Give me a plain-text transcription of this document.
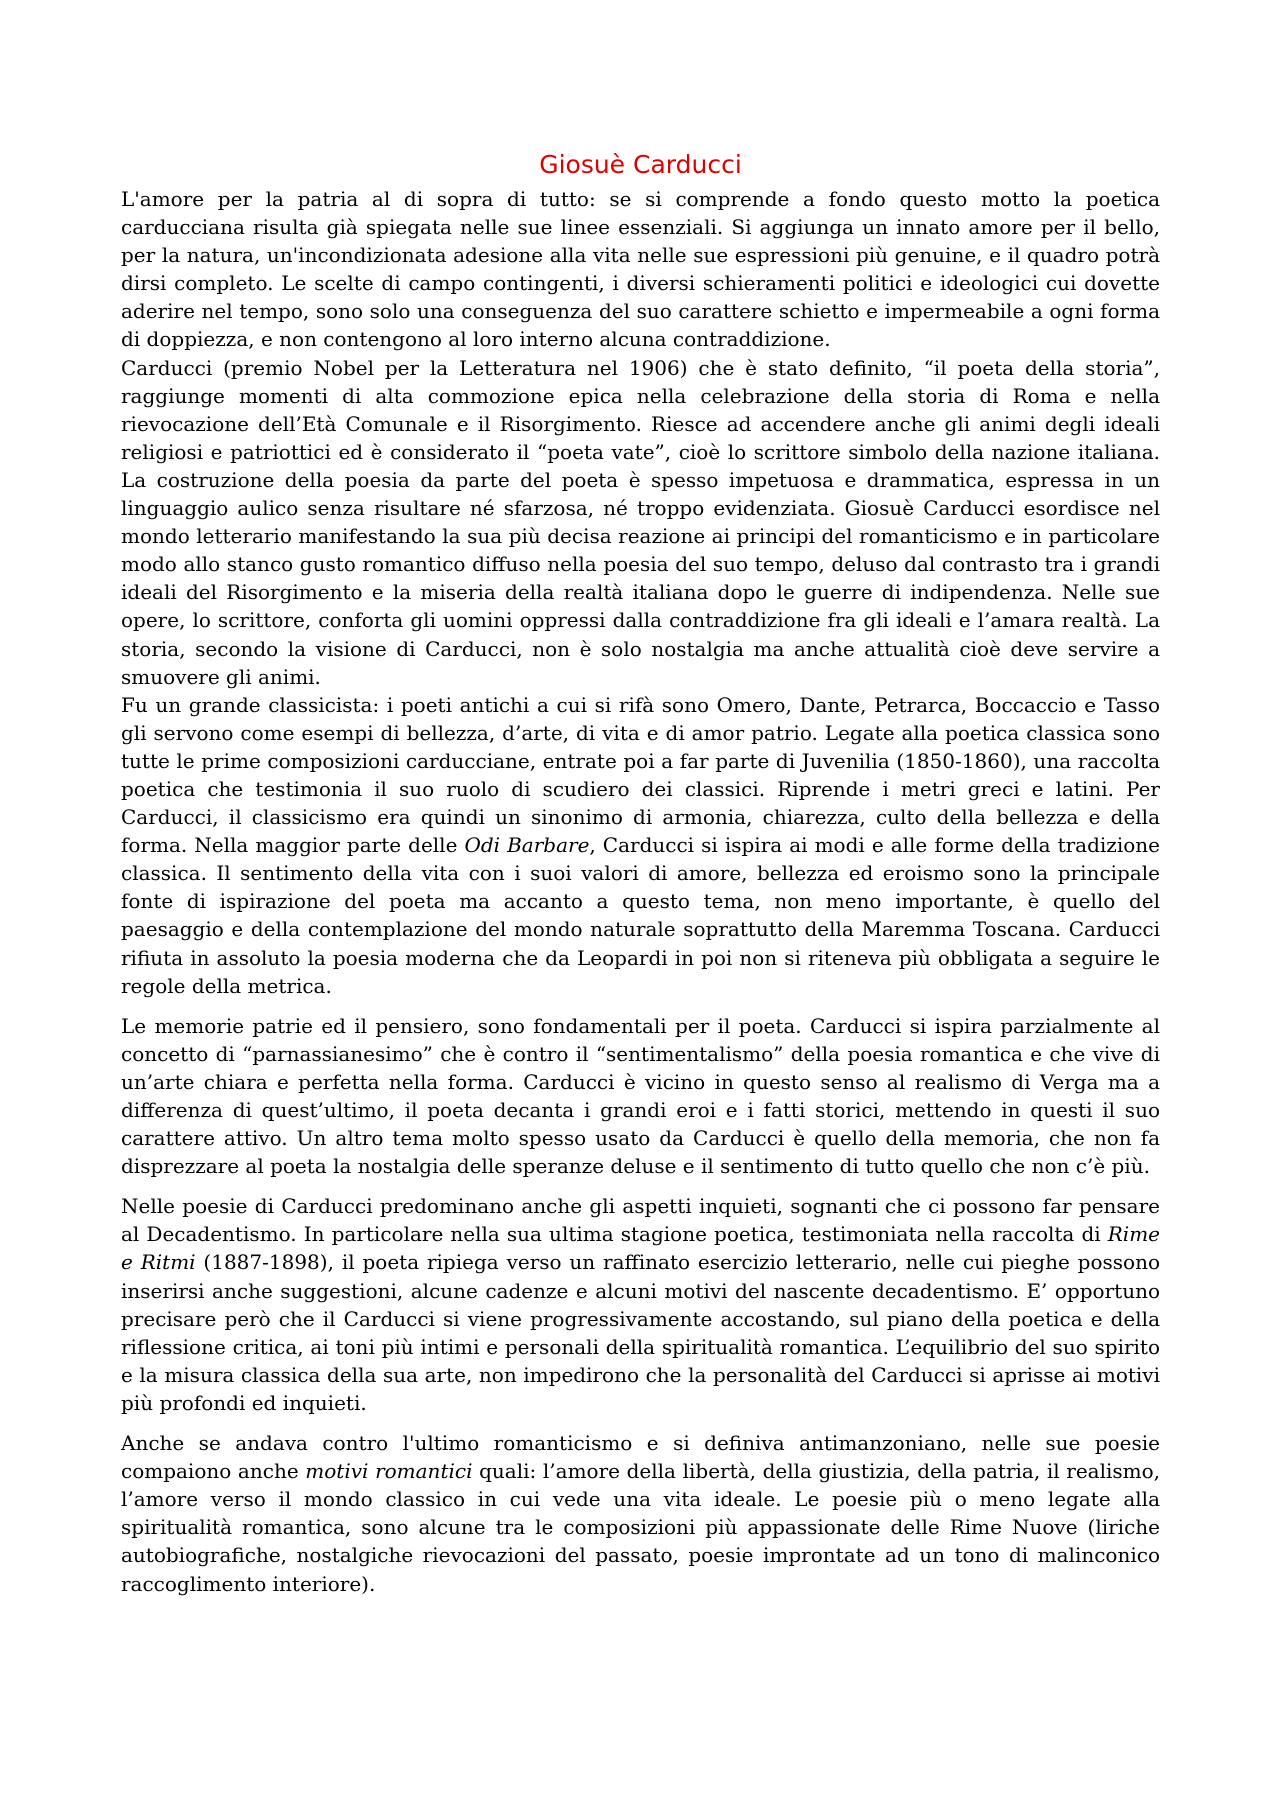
Giosuè Carducci

L'amore per la patria al di sopra di tutto: se si comprende a fondo questo motto la poetica carducciana risulta già spiegata nelle sue linee essenziali. Si aggiunga un innato amore per il bello, per la natura, un'incondizionata adesione alla vita nelle sue espressioni più genuine, e il quadro potrà dirsi completo. Le scelte di campo contingenti, i diversi schieramenti politici e ideologici cui dovette aderire nel tempo, sono solo una conseguenza del suo carattere schietto e impermeabile a ogni forma di doppiezza, e non contengono al loro interno alcuna contraddizione.

Carducci (premio Nobel per la Letteratura nel 1906) che è stato definito, “il poeta della storia”, raggiunge momenti di alta commozione epica nella celebrazione della storia di Roma e nella rievocazione dell’Età Comunale e il Risorgimento. Riesce ad accendere anche gli animi degli ideali religiosi e patriottici ed è considerato il “poeta vate”, cioè lo scrittore simbolo della nazione italiana. La costruzione della poesia da parte del poeta è spesso impetuosa e drammatica, espressa in un linguaggio aulico senza risultare né sfarzosa, né troppo evidenziata. Giosuè Carducci esordisce nel mondo letterario manifestando la sua più decisa reazione ai principi del romanticismo e in particolare modo allo stanco gusto romantico diffuso nella poesia del suo tempo, deluso dal contrasto tra i grandi ideali del Risorgimento e la miseria della realtà italiana dopo le guerre di indipendenza. Nelle sue opere, lo scrittore, conforta gli uomini oppressi dalla contraddizione fra gli ideali e l’amara realtà. La storia, secondo la visione di Carducci, non è solo nostalgia ma anche attualità cioè deve servire a smuovere gli animi.

Fu un grande classicista: i poeti antichi a cui si rifà sono Omero, Dante, Petrarca, Boccaccio e Tasso gli servono come esempi di bellezza, d’arte, di vita e di amor patrio. Legate alla poetica classica sono tutte le prime composizioni carducciane, entrate poi a far parte di Juvenilia (1850-1860), una raccolta poetica che testimonia il suo ruolo di scudiero dei classici. Riprende i metri greci e latini. Per Carducci, il classicismo era quindi un sinonimo di armonia, chiarezza, culto della bellezza e della forma. Nella maggior parte delle Odi Barbare, Carducci si ispira ai modi e alle forme della tradizione classica. Il sentimento della vita con i suoi valori di amore, bellezza ed eroismo sono la principale fonte di ispirazione del poeta ma accanto a questo tema, non meno importante, è quello del paesaggio e della contemplazione del mondo naturale soprattutto della Maremma Toscana. Carducci rifiuta in assoluto la poesia moderna che da Leopardi in poi non si riteneva più obbligata a seguire le regole della metrica.

Le memorie patrie ed il pensiero, sono fondamentali per il poeta. Carducci si ispira parzialmente al concetto di “parnassianesimo” che è contro il “sentimentalismo” della poesia romantica e che vive di un’arte chiara e perfetta nella forma. Carducci è vicino in questo senso al realismo di Verga ma a differenza di quest’ultimo, il poeta decanta i grandi eroi e i fatti storici, mettendo in questi il suo carattere attivo. Un altro tema molto spesso usato da Carducci è quello della memoria, che non fa disprezzare al poeta la nostalgia delle speranze deluse e il sentimento di tutto quello che non c’è più.

Nelle poesie di Carducci predominano anche gli aspetti inquieti, sognanti che ci possono far pensare al Decadentismo. In particolare nella sua ultima stagione poetica, testimoniata nella raccolta di Rime e Ritmi (1887-1898), il poeta ripiega verso un raffinato esercizio letterario, nelle cui pieghe possono inserirsi anche suggestioni, alcune cadenze e alcuni motivi del nascente decadentismo. E’ opportuno precisare però che il Carducci si viene progressivamente accostando, sul piano della poetica e della riflessione critica, ai toni più intimi e personali della spiritualità romantica. L’equilibrio del suo spirito e la misura classica della sua arte, non impedirono che la personalità del Carducci si aprisse ai motivi più profondi ed inquieti.

Anche se andava contro l'ultimo romanticismo e si definiva antimanzoniano, nelle sue poesie compaiono anche motivi romantici quali: l’amore della libertà, della giustizia, della patria, il realismo, l’amore verso il mondo classico in cui vede una vita ideale. Le poesie più o meno legate alla spiritualità romantica, sono alcune tra le composizioni più appassionate delle Rime Nuove (liriche autobiografiche, nostalgiche rievocazioni del passato, poesie improntate ad un tono di malinconico raccoglimento interiore).
